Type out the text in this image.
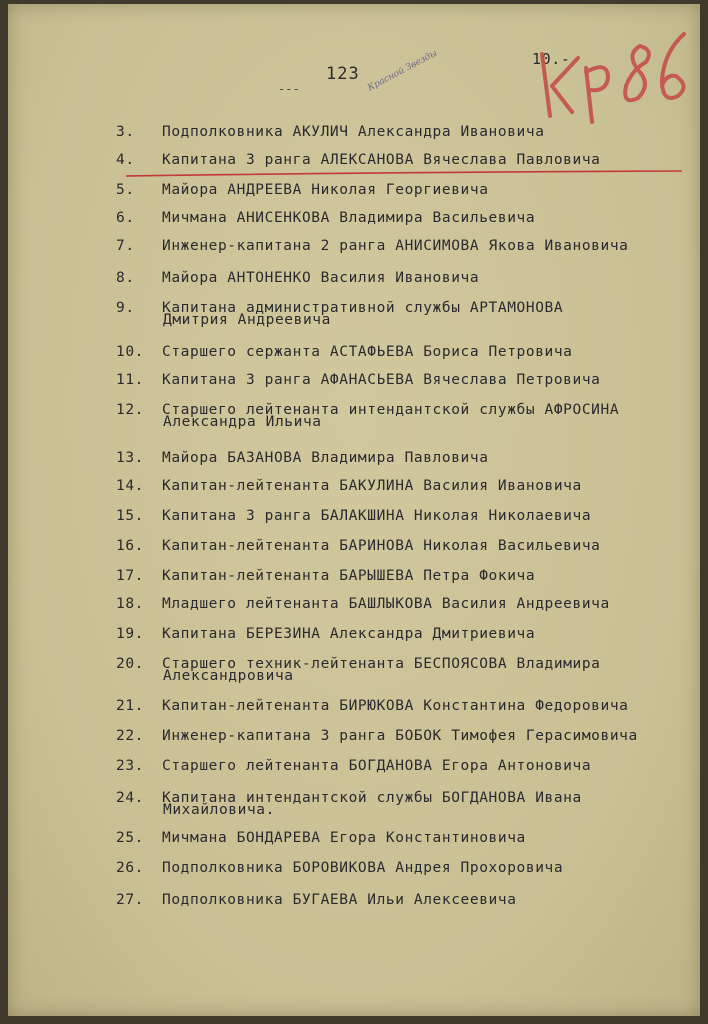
123
---
10.-
Красной Звезды
3. Подполковника АКУЛИЧ Александра Ивановича
4. Капитана 3 ранга АЛЕКСАНОВА Вячеслава Павловича
5. Майора АНДРЕЕВА Николая Георгиевича
6. Мичмана АНИСЕНКОВА Владимира Васильевича
7. Инженер-капитана 2 ранга АНИСИМОВА Якова Ивановича
8. Майора АНТОНЕНКО Василия Ивановича
9. Капитана административной службы АРТАМОНОВА
Дмитрия Андреевича
10. Старшего сержанта АСТАФЬЕВА Бориса Петровича
11. Капитана 3 ранга АФАНАСЬЕВА Вячеслава Петровича
12. Старшего лейтенанта интендантской службы АФРОСИНА
Александра Ильича
13. Майора БАЗАНОВА Владимира Павловича
14. Капитан-лейтенанта БАКУЛИНА Василия Ивановича
15. Капитана 3 ранга БАЛАКШИНА Николая Николаевича
16. Капитан-лейтенанта БАРИНОВА Николая Васильевича
17. Капитан-лейтенанта БАРЫШЕВА Петра Фокича
18. Младшего лейтенанта БАШЛЫКОВА Василия Андреевича
19. Капитана БЕРЕЗИНА Александра Дмитриевича
20. Старшего техник-лейтенанта БЕСПОЯСОВА Владимира
Александровича
21. Капитан-лейтенанта БИРЮКОВА Константина Федоровича
22. Инженер-капитана 3 ранга БОБОК Тимофея Герасимовича
23. Старшего лейтенанта БОГДАНОВА Егора Антоновича
24. Капитана интендантской службы БОГДАНОВА Ивана
Михайловича.
25. Мичмана БОНДАРЕВА Егора Константиновича
26. Подполковника БОРОВИКОВА Андрея Прохоровича
27. Подполковника БУГАЕВА Ильи Алексеевича
